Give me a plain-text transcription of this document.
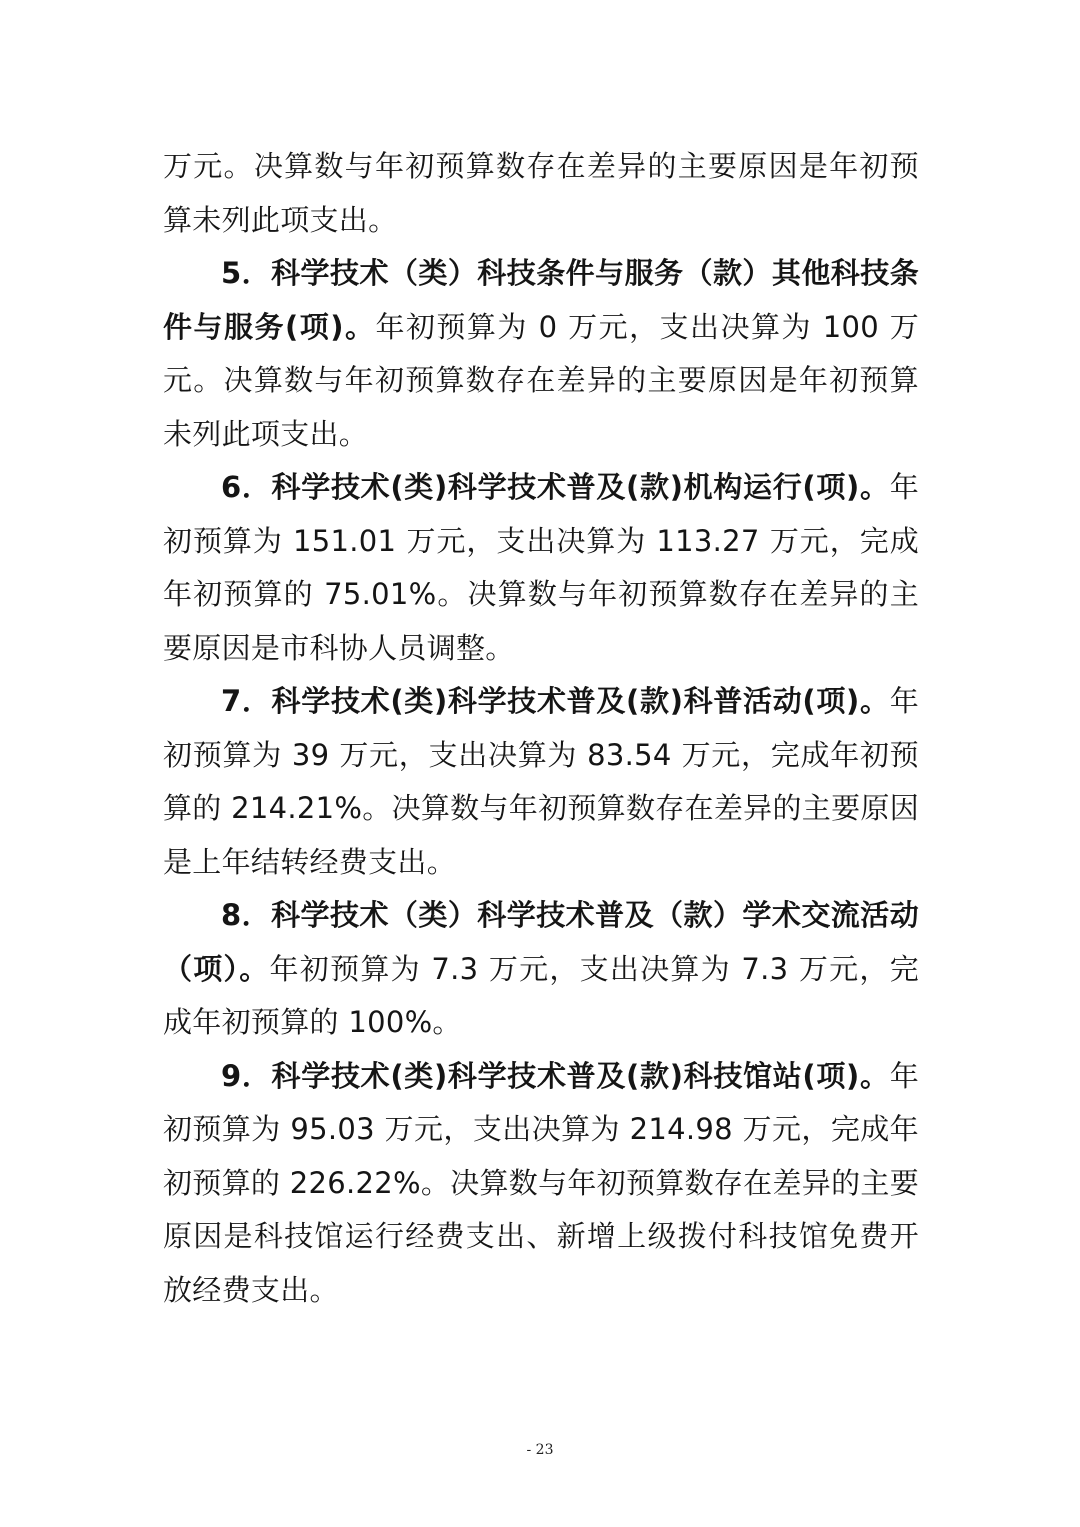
万元。决算数与年初预算数存在差异的主要原因是年初预算未列此项支出。

5．科学技术（类）科技条件与服务（款）其他科技条件与服务(项)。年初预算为 0 万元，支出决算为 100 万元。决算数与年初预算数存在差异的主要原因是年初预算未列此项支出。

6．科学技术(类)科学技术普及(款)机构运行(项)。年初预算为 151.01 万元，支出决算为 113.27 万元，完成年初预算的 75.01%。决算数与年初预算数存在差异的主要原因是市科协人员调整。

7．科学技术(类)科学技术普及(款)科普活动(项)。年初预算为 39 万元，支出决算为 83.54 万元，完成年初预算的 214.21%。决算数与年初预算数存在差异的主要原因是上年结转经费支出。

8．科学技术（类）科学技术普及（款）学术交流活动（项）。年初预算为 7.3 万元，支出决算为 7.3 万元，完成年初预算的 100%。

9．科学技术(类)科学技术普及(款)科技馆站(项)。年初预算为 95.03 万元，支出决算为 214.98 万元，完成年初预算的 226.22%。决算数与年初预算数存在差异的主要原因是科技馆运行经费支出、新增上级拨付科技馆免费开放经费支出。

- 23
